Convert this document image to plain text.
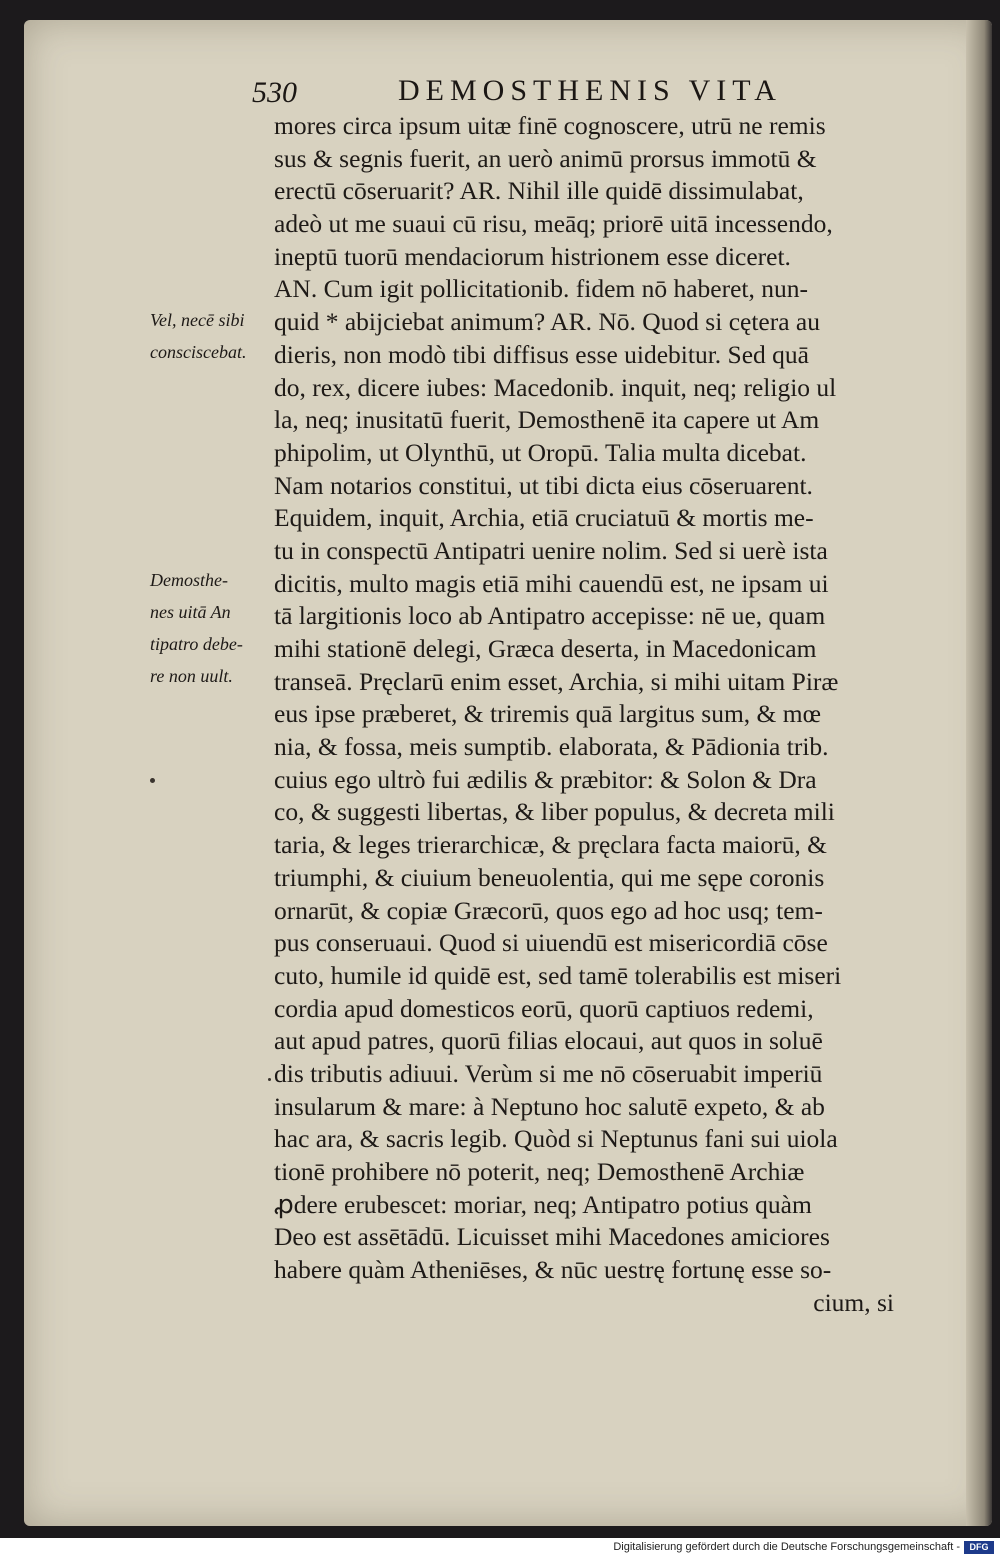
530	DEMOSTHENIS VITA
Vel, necē sibi
consciscebat.
Demosthe-
nes uitā An
tipatro debe-
re non uult.
mores circa ipsum uitæ finē cognoscere, utrū ne remis
sus & segnis fuerit, an uerò animū prorsus immotū &
erectū cōseruarit? AR. Nihil ille quidē dissimulabat,
adeò ut me suaui cū risu, meāq; priorē uitā incessendo,
ineptū tuorū mendaciorum histrionem esse diceret.
AN. Cum igit pollicitationib. fidem nō haberet, nun-
quid * abijciebat animum? AR. Nō. Quod si cętera au
dieris, non modò tibi diffisus esse uidebitur. Sed quā
do, rex, dicere iubes: Macedonib. inquit, neq; religio ul
la, neq; inusitatū fuerit, Demosthenē ita capere ut Am
phipolim, ut Olynthū, ut Oropū. Talia multa dicebat.
Nam notarios constitui, ut tibi dicta eius cōseruarent.
Equidem, inquit, Archia, etiā cruciatuū & mortis me-
tu in conspectū Antipatri uenire nolim. Sed si uerè ista
dicitis, multo magis etiā mihi cauendū est, ne ipsam ui
tā largitionis loco ab Antipatro accepisse: nē ue, quam
mihi stationē delegi, Græca deserta, in Macedonicam
transeā. Pręclarū enim esset, Archia, si mihi uitam Piræ
eus ipse præberet, & triremis quā largitus sum, & mœ
nia, & fossa, meis sumptib. elaborata, & Pādionia trib.
cuius ego ultrò fui ædilis & præbitor: & Solon & Dra
co, & suggesti libertas, & liber populus, & decreta mili
taria, & leges trierarchicæ, & pręclara facta maiorū, &
triumphi, & ciuium beneuolentia, qui me sępe coronis
ornarūt, & copiæ Græcorū, quos ego ad hoc usq; tem-
pus conseruaui. Quod si uiuendū est misericordiā cōse
cuto, humile id quidē est, sed tamē tolerabilis est miseri
cordia apud domesticos eorū, quorū captiuos redemi,
aut apud patres, quorū filias elocaui, aut quos in soluē
dis tributis adiuui. Verùm si me nō cōseruabit imperiū
insularum & mare: à Neptuno hoc salutē expeto, & ab
hac ara, & sacris legib. Quòd si Neptunus fani sui uiola
tionē prohibere nō poterit, neq; Demosthenē Archiæ
ꝓdere erubescet: moriar, neq; Antipatro potius quàm
Deo est assētādū. Licuisset mihi Macedones amiciores
habere quàm Atheniēses, & nūc uestrę fortunę esse so-
cium, si
Digitalisierung gefördert durch die Deutsche Forschungsgemeinschaft -	DFG
